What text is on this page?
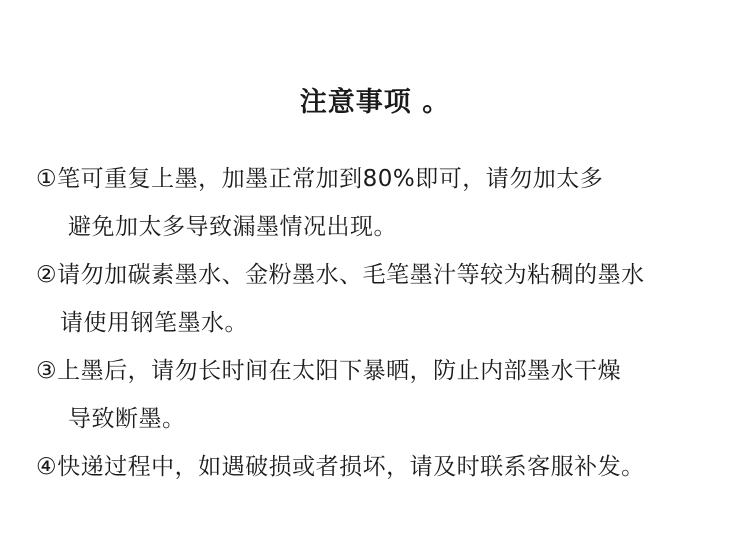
注意事项 。
①笔可重复上墨，加墨正常加到80%即可，请勿加太多
避免加太多导致漏墨情况出现。
②请勿加碳素墨水、金粉墨水、毛笔墨汁等较为粘稠的墨水
请使用钢笔墨水。
③上墨后，请勿长时间在太阳下暴晒，防止内部墨水干燥
导致断墨。
④快递过程中，如遇破损或者损坏，请及时联系客服补发。
